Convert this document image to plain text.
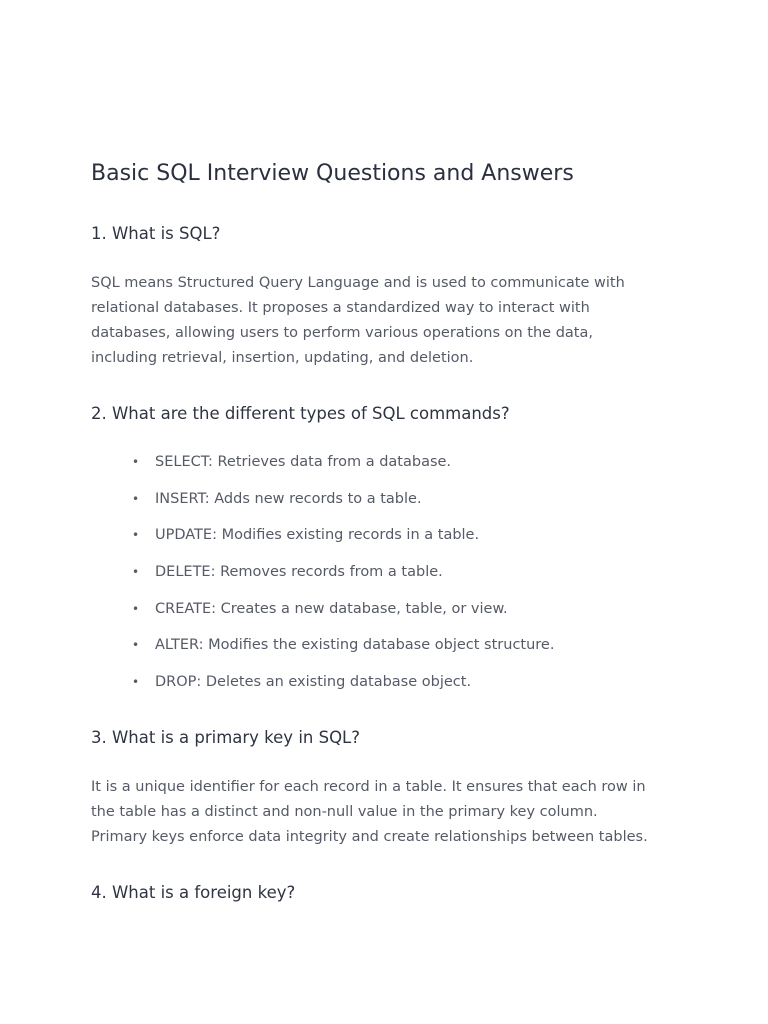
Basic SQL Interview Questions and Answers
1. What is SQL?

SQL means Structured Query Language and is used to communicate with
relational databases. It proposes a standardized way to interact with
databases, allowing users to perform various operations on the data,
including retrieval, insertion, updating, and deletion.

2. What are the different types of SQL commands?
• SELECT: Retrieves data from a database.
• INSERT: Adds new records to a table.
• UPDATE: Modifies existing records in a table.
• DELETE: Removes records from a table.
• CREATE: Creates a new database, table, or view.
• ALTER: Modifies the existing database object structure.
• DROP: Deletes an existing database object.
3. What is a primary key in SQL?

It is a unique identifier for each record in a table. It ensures that each row in
the table has a distinct and non-null value in the primary key column.
Primary keys enforce data integrity and create relationships between tables.

4. What is a foreign key?
